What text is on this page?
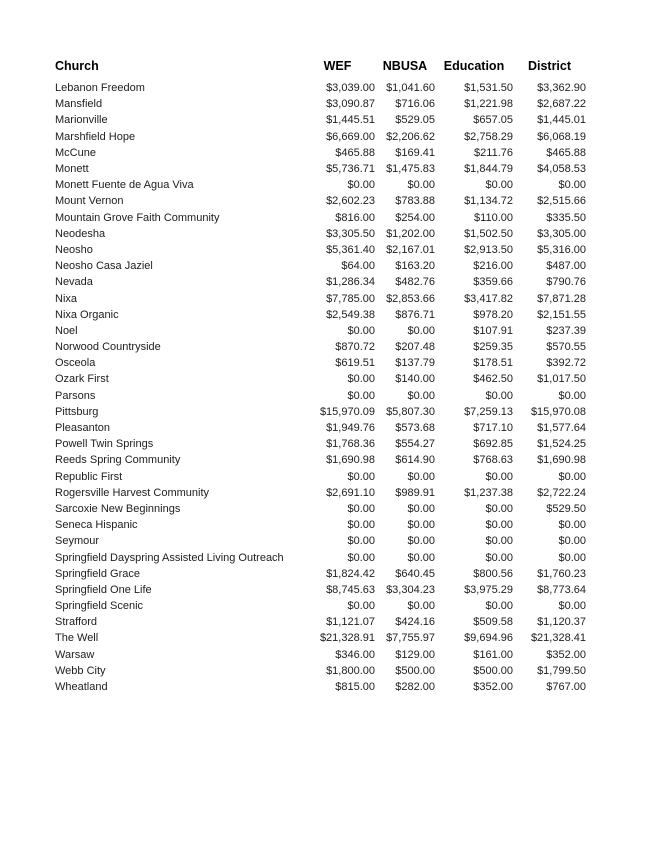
Church	WEF	NBUSA	Education	District
Lebanon Freedom	$3,039.00	$1,041.60	$1,531.50	$3,362.90
Mansfield	$3,090.87	$716.06	$1,221.98	$2,687.22
Marionville	$1,445.51	$529.05	$657.05	$1,445.01
Marshfield Hope	$6,669.00	$2,206.62	$2,758.29	$6,068.19
McCune	$465.88	$169.41	$211.76	$465.88
Monett	$5,736.71	$1,475.83	$1,844.79	$4,058.53
Monett Fuente de Agua Viva	$0.00	$0.00	$0.00	$0.00
Mount Vernon	$2,602.23	$783.88	$1,134.72	$2,515.66
Mountain Grove Faith Community	$816.00	$254.00	$110.00	$335.50
Neodesha	$3,305.50	$1,202.00	$1,502.50	$3,305.00
Neosho	$5,361.40	$2,167.01	$2,913.50	$5,316.00
Neosho Casa Jaziel	$64.00	$163.20	$216.00	$487.00
Nevada	$1,286.34	$482.76	$359.66	$790.76
Nixa	$7,785.00	$2,853.66	$3,417.82	$7,871.28
Nixa Organic	$2,549.38	$876.71	$978.20	$2,151.55
Noel	$0.00	$0.00	$107.91	$237.39
Norwood Countryside	$870.72	$207.48	$259.35	$570.55
Osceola	$619.51	$137.79	$178.51	$392.72
Ozark First	$0.00	$140.00	$462.50	$1,017.50
Parsons	$0.00	$0.00	$0.00	$0.00
Pittsburg	$15,970.09	$5,807.30	$7,259.13	$15,970.08
Pleasanton	$1,949.76	$573.68	$717.10	$1,577.64
Powell Twin Springs	$1,768.36	$554.27	$692.85	$1,524.25
Reeds Spring Community	$1,690.98	$614.90	$768.63	$1,690.98
Republic First	$0.00	$0.00	$0.00	$0.00
Rogersville Harvest Community	$2,691.10	$989.91	$1,237.38	$2,722.24
Sarcoxie New Beginnings	$0.00	$0.00	$0.00	$529.50
Seneca Hispanic	$0.00	$0.00	$0.00	$0.00
Seymour	$0.00	$0.00	$0.00	$0.00
Springfield Dayspring Assisted Living Outreach	$0.00	$0.00	$0.00	$0.00
Springfield Grace	$1,824.42	$640.45	$800.56	$1,760.23
Springfield One Life	$8,745.63	$3,304.23	$3,975.29	$8,773.64
Springfield Scenic	$0.00	$0.00	$0.00	$0.00
Strafford	$1,121.07	$424.16	$509.58	$1,120.37
The Well	$21,328.91	$7,755.97	$9,694.96	$21,328.41
Warsaw	$346.00	$129.00	$161.00	$352.00
Webb City	$1,800.00	$500.00	$500.00	$1,799.50
Wheatland	$815.00	$282.00	$352.00	$767.00
